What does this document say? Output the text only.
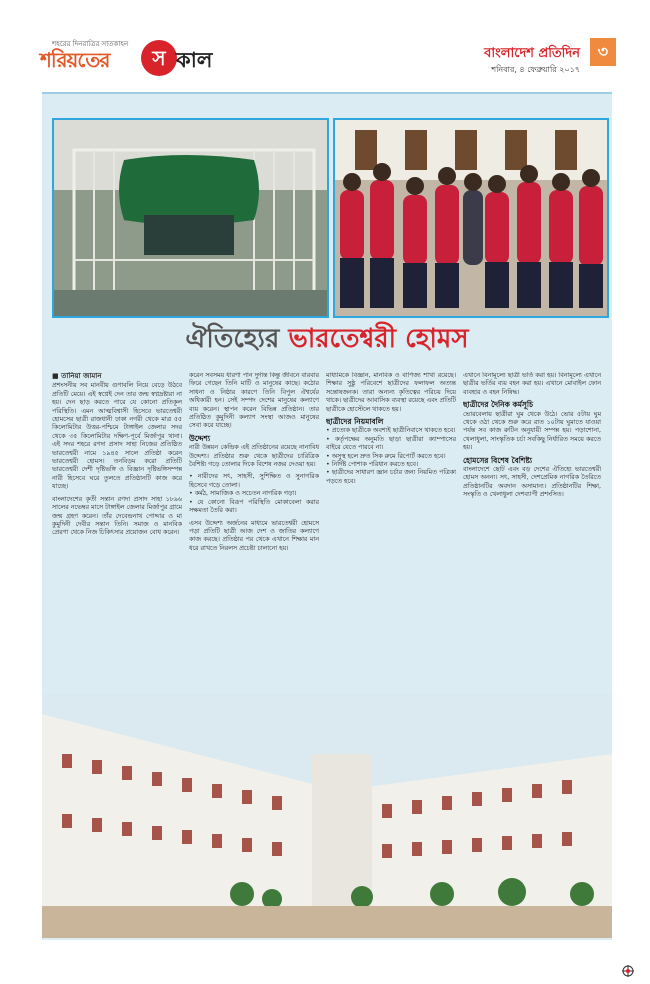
শহরের দিনরাত্রির সাতকাহন
শরিয়তের	স কাল	বাংলাদেশ প্রতিদিন	৩
শনিবার, ৪ ফেব্রুয়ারি ২০১৭
ঐতিহ্যের ভারতেশ্বরী হোমস
■ তানিয়া জামান

প্রশংসনীয় সব মানবীয় গুণাবলি নিয়ে বেড়ে উঠবে প্রতিটি মেয়ে। এই স্বপ্নেই দেন তার জন্ম স্বপ্নদ্রষ্টারা না হয়। দেন ছাড় করতে পারে যে কোনো প্রতিকূল পরিস্থিতি। এমন আত্মবিশ্বাসী হিসেবে ভারতেশ্বরী হোমসের ছাত্রী রাজধানী ঢাকা নগরী থেকে মাত্র ৫৫ কিলোমিটার উত্তর-পশ্চিমে টাঙ্গাইল জেলার সদর থেকে ৩৫ কিলোমিটার দক্ষিণ-পূর্বে মির্জাপুর থানা। এই সদর শহরে রণদা প্রসাদ সাহা নিজের প্রতিষ্ঠিত ভারতেশ্বরী নামে ১৯৪৫ সালে প্রতিষ্ঠা করেন ভারতেশ্বরী হোমস। তনবিড়ম করো প্রতিটি ভারতেশ্বরী দেশী দৃষ্টিভঙ্গি ও বিজ্ঞান দৃষ্টিভঙ্গিসম্পন্ন নারী হিসেবে ঘরে তুলতে প্রতিষ্ঠানটি কাজ করে যাচ্ছে।

বাংলাদেশের কৃতী সন্তান রণদা প্রসাদ সাহা ১৮৯৬ সালের নভেম্বর মাসে টাঙ্গাইল জেলার মির্জাপুর গ্রামে জন্ম গ্রহণ করেন। তাঁর দেবেন্দ্রনাথ পোদ্দার ও মা কুমুদিনী দেবীর সন্তান তিনি। সমাজ ও মানবিক প্রেরণা থেকে নিজ চিকিৎসার প্রয়োজন বোধ করেন।

করেন সবসময় ধারণা পান দুর্দান্ত কিন্তু জীবনে বারবার ফিরে গেছেন তিনি মাটি ও মানুষের কাছে। কঠোর সাধনা ও নিষ্ঠার কারণে তিনি বিপুল ঐশ্বর্যের অধিকারী হন। সেই সম্পদ দেশের মানুষের কল্যাণে ব্যয় করেন। স্থাপন করেন বিভিন্ন প্রতিষ্ঠান। তার প্রতিষ্ঠিত কুমুদিনী কল্যাণ সংস্থা আজও মানুষের সেবা করে যাচ্ছে।

উদ্দেশ্য

নারী উন্নয়ন কেন্দ্রিক এই প্রতিষ্ঠানের রয়েছে নানাবিধ উদ্দেশ্য। প্রতিষ্ঠার শুরু থেকে ছাত্রীদের চারিত্রিক বৈশিষ্ট্য গড়ে তোলার দিকে বিশেষ নজর দেওয়া হয়।

• নারীদের সৎ, সাহসী, সুশিক্ষিত ও সুনাগরিক হিসেবে গড়ে তোলা।
• কর্মঠ, সামাজিক ও সচেতন নাগরিক গড়া।
• যে কোনো বিরূপ পরিস্থিতি মোকাবেলা করার সক্ষমতা তৈরি করা।

এসব উদ্দেশ্য অর্জনের মাধ্যমে ভারতেশ্বরী হোমসে পড়া প্রতিটি ছাত্রী আজ দেশ ও জাতির কল্যাণে কাজ করছে। প্রতিষ্ঠার পর থেকে এখানে শিক্ষার মান ধরে রাখতে নিরলস প্রচেষ্টা চালানো হয়।

মাধ্যমিকে বিজ্ঞান, মানবিক ও বাণিজ্য শাখা রয়েছে। শিক্ষার সুষ্ঠু পরিবেশে ছাত্রীদের ফলাফল অত্যন্ত সন্তোষজনক। তারা অন্যন্য কৃতিত্বের পরিচয় দিয়ে থাকে। ছাত্রীদের আবাসিক ব্যবস্থা রয়েছে এবং প্রতিটি ছাত্রীকে হোস্টেলে থাকতে হয়।

ছাত্রীদের নিয়মাবলি

• প্রত্যেক ছাত্রীকে অবশ্যই ছাত্রীনিবাসে থাকতে হবে।
• কর্তৃপক্ষের অনুমতি ছাড়া ছাত্রীরা ক্যাম্পাসের বাইরে যেতে পারবে না।
• অসুস্থ হলে দ্রুত সিক রুমে রিপোর্ট করতে হবে।
• নির্দিষ্ট পোশাক পরিধান করতে হবে।
• ছাত্রীদের সাধারণ জ্ঞান চর্চার জন্য নিয়মিত পত্রিকা পড়তে হবে।

এখানে বিনামূল্যে ছাত্রী ভর্তি করা হয়। বিনামূল্যে এখানে ছাত্রীর ভর্তির ব্যয় বহন করা হয়। এখানে মোবাইল ফোন ব্যবহার ও বহন নিষিদ্ধ।

ছাত্রীদের দৈনিক কর্মসূচি

ভোরবেলায় ছাত্রীরা ঘুম থেকে উঠে। ভোর ৫টায় ঘুম থেকে ওঠা থেকে শুরু করে রাত ১০টায় ঘুমাতে যাওয়া পর্যন্ত সব কাজ রুটিন অনুযায়ী সম্পন্ন হয়। পড়াশোনা, খেলাধুলা, সাংস্কৃতিক চর্চা সবকিছু নির্ধারিত সময়ে করতে হয়।

হোমসের বিশেষ বৈশিষ্ট্য

বাংলাদেশে ছোট এবং বড় দেশের ঐতিহ্যে ভারতেশ্বরী হোমস অনন্য। সৎ, সাহসী, দেশপ্রেমিক নাগরিক তৈরিতে প্রতিষ্ঠানটির অবদান অসামান্য। প্রতিষ্ঠানটির শিক্ষা, সংস্কৃতি ও খেলাধুলা দেশব্যাপী প্রশংসিত।
